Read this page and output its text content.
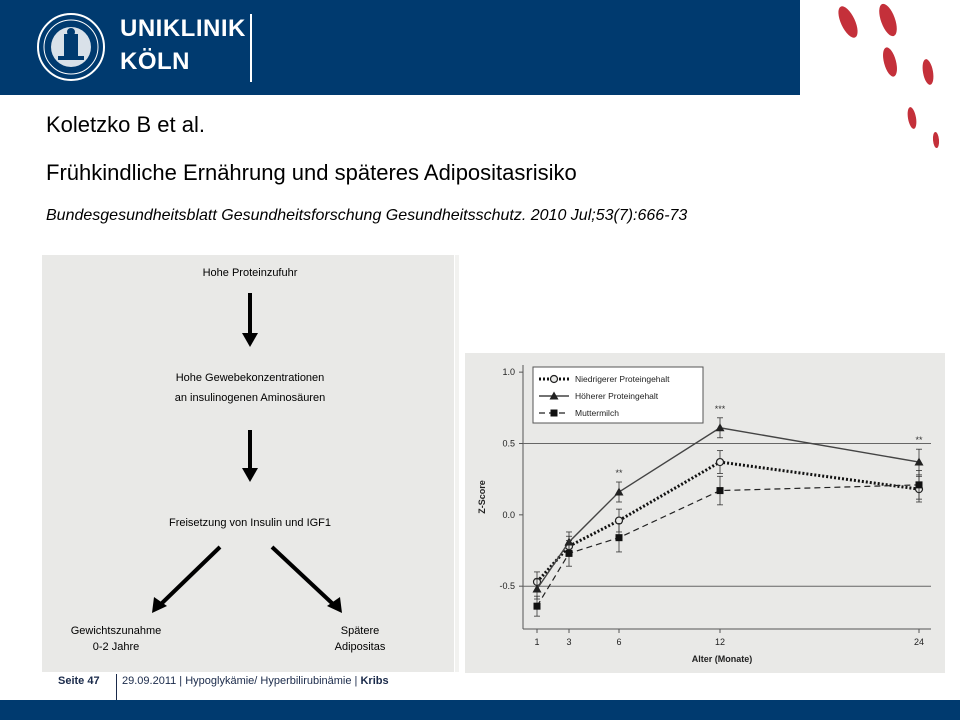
UNIKLINIK
KÖLN
Koletzko B et al.
Frühkindliche Ernährung und späteres Adipositasrisiko
Bundesgesundheitsblatt Gesundheitsforschung Gesundheitsschutz. 2010 Jul;53(7):666-73
Hohe Proteinzufuhr
Hohe Gewebekonzentrationen
an insulinogenen Aminosäuren
Freisetzung von Insulin und IGF1
Gewichtszunahme
0-2 Jahre
Spätere
Adipositas
-0.5
0.0
0.5
1.0
1	3	6	12	24
Alter (Monate)
Z-Score
Niedrigerer Proteingehalt
Höherer Proteingehalt
Muttermilch
**
***
**
Seite 47 29.09.2011 | Hypoglykämie/ Hyperbilirubinämie | Kribs
